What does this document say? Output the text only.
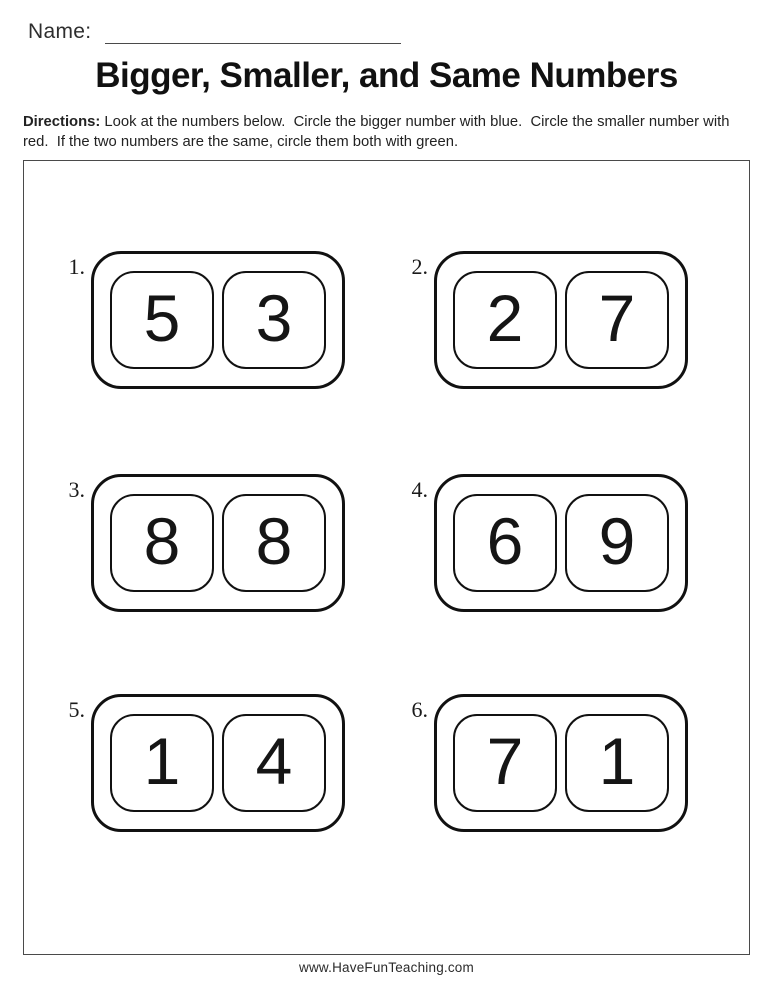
Name:
Bigger, Smaller, and Same Numbers

Directions: Look at the numbers below.  Circle the bigger number with blue.  Circle the smaller number with red.  If the two numbers are the same, circle them both with green.

1.
5	3
2.
2	7
3.
8	8
4.
6	9
5.
1	4
6.
7	1
www.HaveFunTeaching.com
